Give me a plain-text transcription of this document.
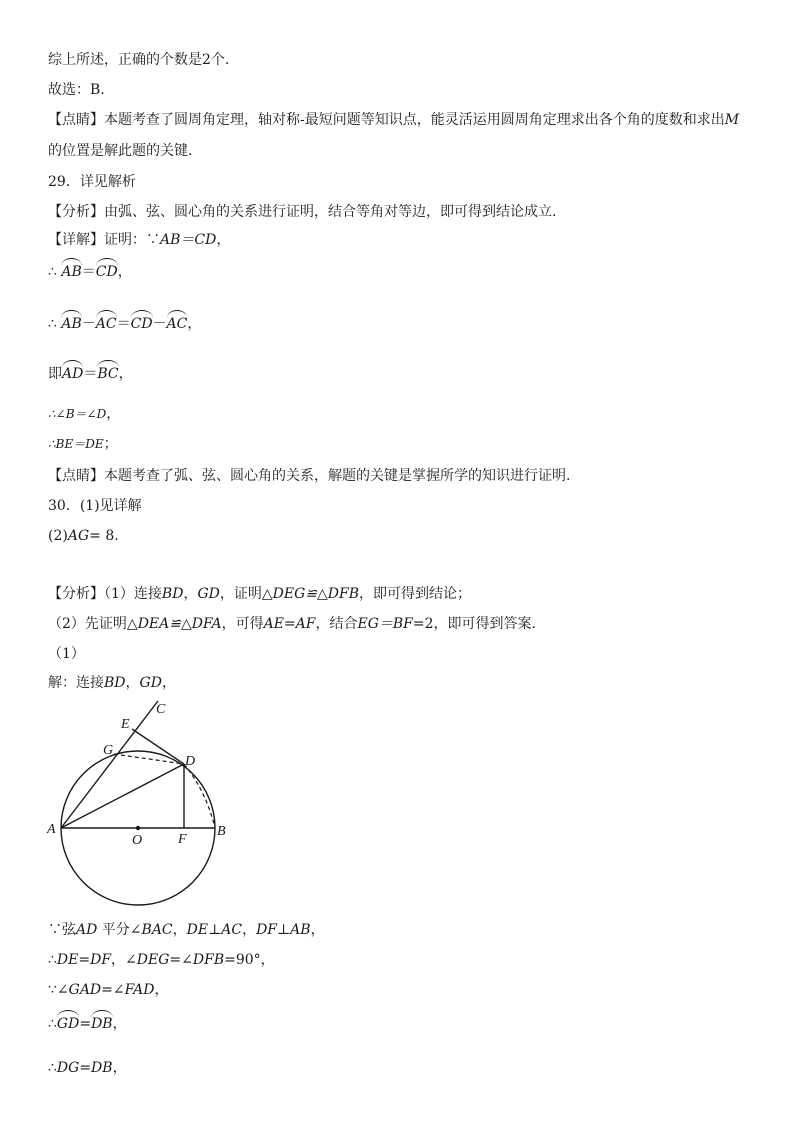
综上所述，正确的个数是2个.
故选：B.
【点睛】本题考查了圆周角定理，轴对称-最短问题等知识点，能灵活运用圆周角定理求出各个角的度数和求出M
的位置是解此题的关键.
29．详见解析
【分析】由弧、弦、圆心角的关系进行证明，结合等角对等边，即可得到结论成立.
【详解】证明：∵AB＝CD，
∴ AB＝CD，
∴ AB－AC＝CD－AC，
即AD＝BC，
∴∠B＝∠D，
∴BE＝DE；
【点睛】本题考查了弧、弦、圆心角的关系，解题的关键是掌握所学的知识进行证明.
30．(1)见详解
(2)AG= 8.
【分析】（1）连接BD，GD，证明△DEG≌△DFB，即可得到结论；
（2）先证明△DEA≌△DFA，可得AE=AF，结合EG＝BF=2，即可得到答案.
（1）
解：连接BD，GD，
C
E
G
D
A	B
O	F
∵弦AD 平分∠BAC，DE⊥AC，DF⊥AB，
∴DE=DF，∠DEG=∠DFB=90°，
∵∠GAD=∠FAD，
∴GD=DB，
∴DG=DB，
